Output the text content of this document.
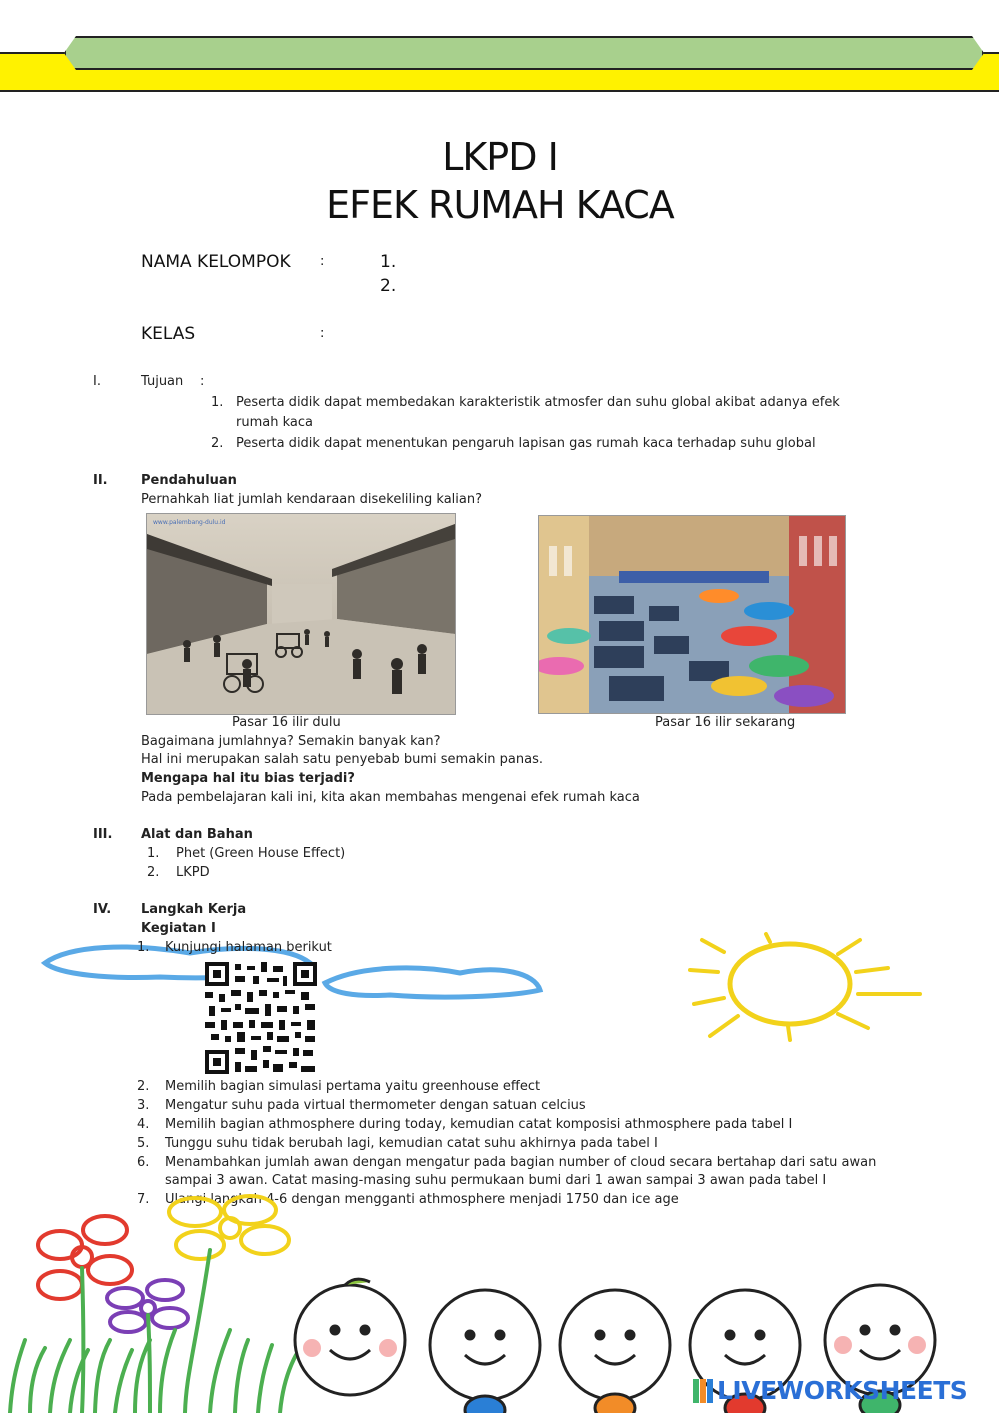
LKPD I
EFEK RUMAH KACA
NAMA KELOMPOK :	1.
2.
KELAS	:
I.	Tujuan :
1. Peserta didik dapat membedakan karakteristik atmosfer dan suhu global akibat adanya efek
rumah kaca
2. Peserta didik dapat menentukan pengaruh lapisan gas rumah kaca terhadap suhu global
II.	Pendahuluan
Pernahkah liat jumlah kendaraan disekeliling kalian?
www.palembang-dulu.id
Pasar 16 ilir dulu	Pasar 16 ilir sekarang
Bagaimana jumlahnya? Semakin banyak kan?
Hal ini merupakan salah satu penyebab bumi semakin panas.
Mengapa hal itu bias terjadi?
Pada pembelajaran kali ini, kita akan membahas mengenai efek rumah kaca
III. Alat dan Bahan
1. Phet (Green House Effect)
2. LKPD
IV. Langkah Kerja
Kegiatan I
1. Kunjungi halaman berikut
2. Memilih bagian simulasi pertama yaitu greenhouse effect
3. Mengatur suhu pada virtual thermometer dengan satuan celcius
4. Memilih bagian athmosphere during today, kemudian catat komposisi athmosphere pada tabel I
5. Tunggu suhu tidak berubah lagi, kemudian catat suhu akhirnya pada tabel I
6. Menambahkan jumlah awan dengan mengatur pada bagian number of cloud secara bertahap dari satu awan
sampai 3 awan. Catat masing-masing suhu permukaan bumi dari 1 awan sampai 3 awan pada tabel I
7. Ulangi langkah 4-6 dengan mengganti athmosphere menjadi 1750 dan ice age
LIVEWORKSHEETS
